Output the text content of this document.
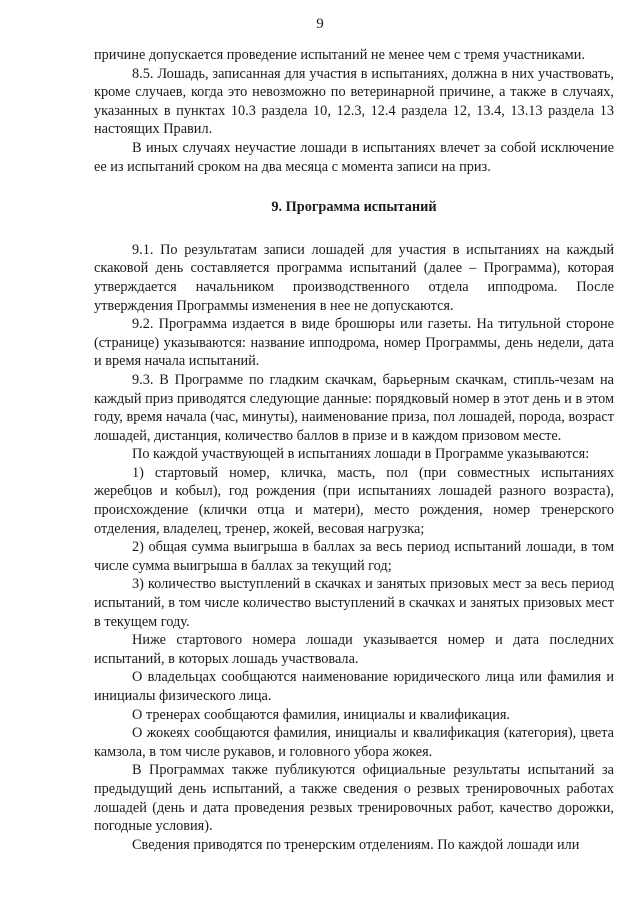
9

причине допускается проведение испытаний не менее чем с тремя участниками.

8.5. Лошадь, записанная для участия в испытаниях, должна в них участвовать, кроме случаев, когда это невозможно по ветеринарной причине, а также в случаях, указанных в пунктах 10.3 раздела 10, 12.3, 12.4 раздела 12, 13.4, 13.13 раздела 13 настоящих Правил.

В иных случаях неучастие лошади в испытаниях влечет за собой исключение ее из испытаний сроком на два месяца с момента записи на приз.

9. Программа испытаний

9.1. По результатам записи лошадей для участия в испытаниях на каждый скаковой день составляется программа испытаний (далее – Программа), которая утверждается начальником производственного отдела ипподрома. После утверждения Программы изменения в нее не допускаются.

9.2. Программа издается в виде брошюры или газеты. На титульной стороне (странице) указываются: название ипподрома, номер Программы, день недели, дата и время начала испытаний.

9.3. В Программе по гладким скачкам, барьерным скачкам, стипль-чезам на каждый приз приводятся следующие данные: порядковый номер в этот день и в этом году, время начала (час, минуты), наименование приза, пол лошадей, порода, возраст лошадей, дистанция, количество баллов в призе и в каждом призовом месте.

По каждой участвующей в испытаниях лошади в Программе указываются:

1) стартовый номер, кличка, масть, пол (при совместных испытаниях жеребцов и кобыл), год рождения (при испытаниях лошадей разного возраста), происхождение (клички отца и матери), место рождения, номер тренерского отделения, владелец, тренер, жокей, весовая нагрузка;

2) общая сумма выигрыша в баллах за весь период испытаний лошади, в том числе сумма выигрыша в баллах за текущий год;

3) количество выступлений в скачках и занятых призовых мест за весь период испытаний, в том числе количество выступлений в скачках и занятых призовых мест в текущем году.

Ниже стартового номера лошади указывается номер и дата последних испытаний, в которых лошадь участвовала.

О владельцах сообщаются наименование юридического лица или фамилия и инициалы физического лица.

О тренерах сообщаются фамилия, инициалы и квалификация.

О жокеях сообщаются фамилия, инициалы и квалификация (категория), цвета камзола, в том числе рукавов, и головного убора жокея.

В Программах также публикуются официальные результаты испытаний за предыдущий день испытаний, а также сведения о резвых тренировочных работах лошадей (день и дата проведения резвых тренировочных работ, качество дорожки, погодные условия).

Сведения приводятся по тренерским отделениям. По каждой лошади или
